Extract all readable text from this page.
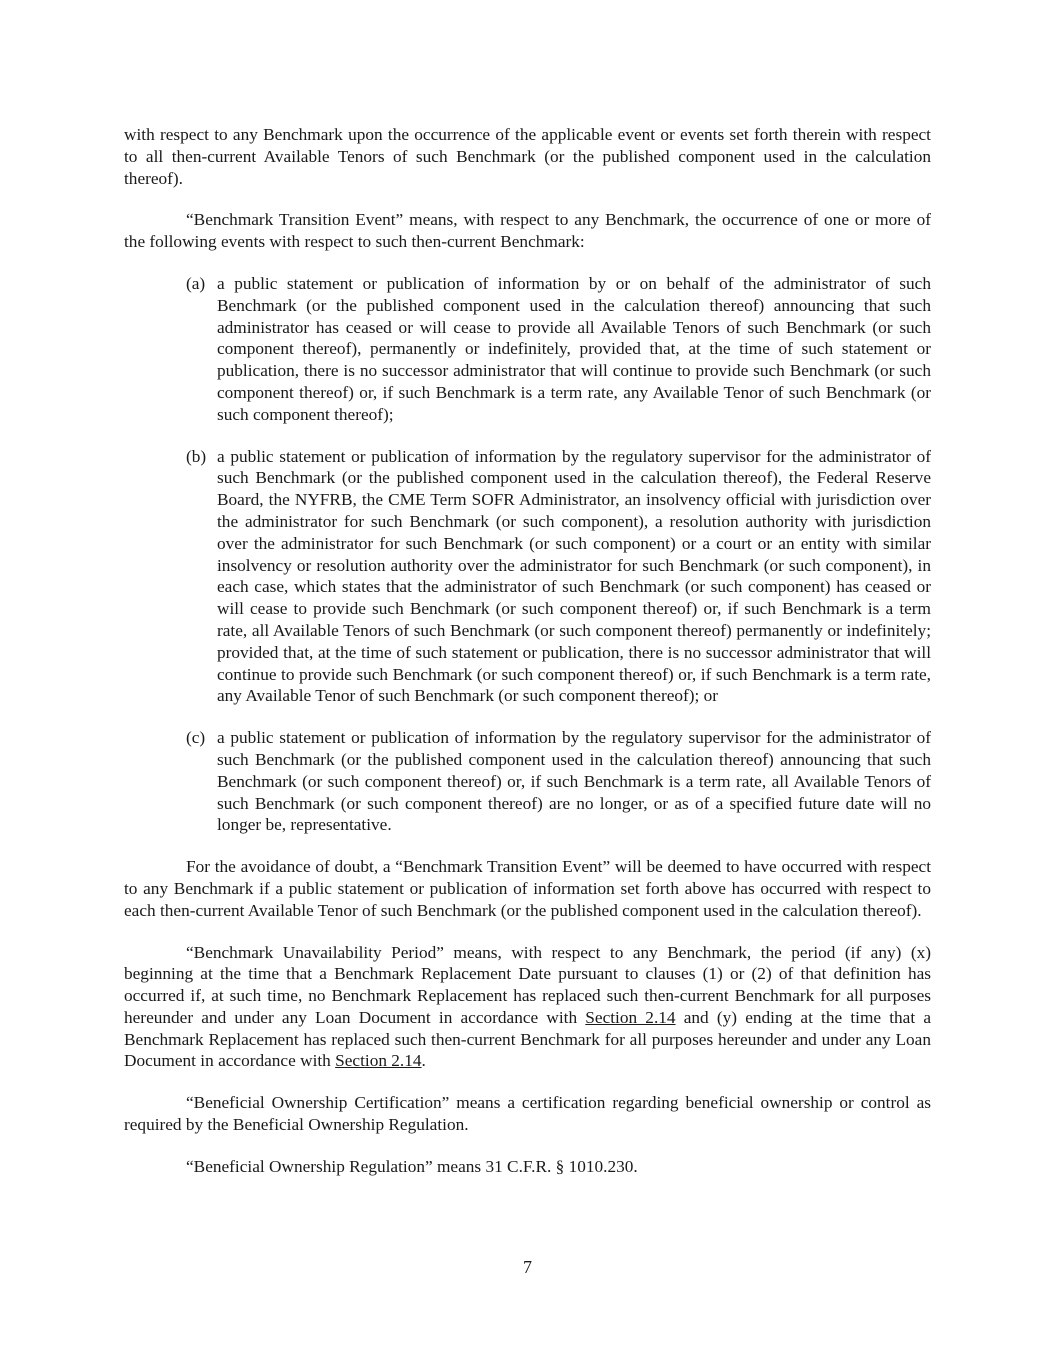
with respect to any Benchmark upon the occurrence of the applicable event or events set forth therein with respect to all then-current Available Tenors of such Benchmark (or the published component used in the calculation thereof).

“Benchmark Transition Event” means, with respect to any Benchmark, the occurrence of one or more of the following events with respect to such then-current Benchmark:

(a) a public statement or publication of information by or on behalf of the administrator of such Benchmark (or the published component used in the calculation thereof) announcing that such administrator has ceased or will cease to provide all Available Tenors of such Benchmark (or such component thereof), permanently or indefinitely, provided that, at the time of such statement or publication, there is no successor administrator that will continue to provide such Benchmark (or such component thereof) or, if such Benchmark is a term rate, any Available Tenor of such Benchmark (or such component thereof);
(b) a public statement or publication of information by the regulatory supervisor for the administrator of such Benchmark (or the published component used in the calculation thereof), the Federal Reserve Board, the NYFRB, the CME Term SOFR Administrator, an insolvency official with jurisdiction over the administrator for such Benchmark (or such component), a resolution authority with jurisdiction over the administrator for such Benchmark (or such component) or a court or an entity with similar insolvency or resolution authority over the administrator for such Benchmark (or such component), in each case, which states that the administrator of such Benchmark (or such component) has ceased or will cease to provide such Benchmark (or such component thereof) or, if such Benchmark is a term rate, all Available Tenors of such Benchmark (or such component thereof) permanently or indefinitely; provided that, at the time of such statement or publication, there is no successor administrator that will continue to provide such Benchmark (or such component thereof) or, if such Benchmark is a term rate, any Available Tenor of such Benchmark (or such component thereof); or
(c) a public statement or publication of information by the regulatory supervisor for the administrator of such Benchmark (or the published component used in the calculation thereof) announcing that such Benchmark (or such component thereof) or, if such Benchmark is a term rate, all Available Tenors of such Benchmark (or such component thereof) are no longer, or as of a specified future date will no longer be, representative.

For the avoidance of doubt, a “Benchmark Transition Event” will be deemed to have occurred with respect to any Benchmark if a public statement or publication of information set forth above has occurred with respect to each then-current Available Tenor of such Benchmark (or the published component used in the calculation thereof).

“Benchmark Unavailability Period” means, with respect to any Benchmark, the period (if any) (x) beginning at the time that a Benchmark Replacement Date pursuant to clauses (1) or (2) of that definition has occurred if, at such time, no Benchmark Replacement has replaced such then-current Benchmark for all purposes hereunder and under any Loan Document in accordance with Section 2.14 and (y) ending at the time that a Benchmark Replacement has replaced such then-current Benchmark for all purposes hereunder and under any Loan Document in accordance with Section 2.14.

“Beneficial Ownership Certification” means a certification regarding beneficial ownership or control as required by the Beneficial Ownership Regulation.

“Beneficial Ownership Regulation” means 31 C.F.R. § 1010.230.

7
